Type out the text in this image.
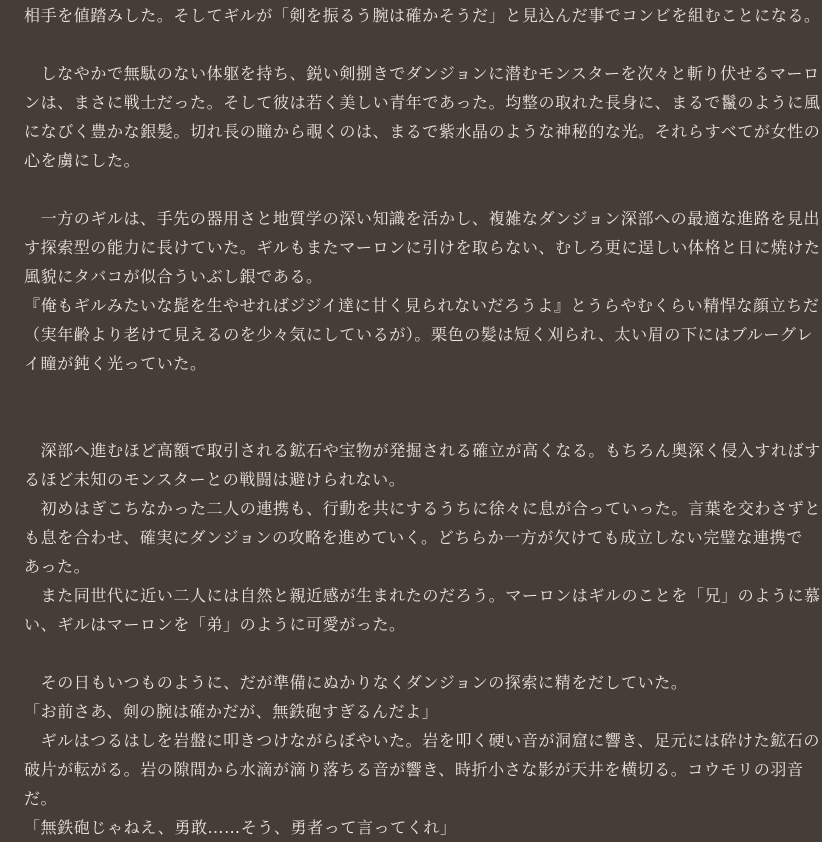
相手を値踏みした。そしてギルが「剣を振るう腕は確かそうだ」と見込んだ事でコンビを組むことになる。
　しなやかで無駄のない体躯を持ち、鋭い剣捌きでダンジョンに潜むモンスターを次々と斬り伏せるマーロ
ンは、まさに戦士だった。そして彼は若く美しい青年であった。均整の取れた長身に、まるで鬣のように風
になびく豊かな銀髪。切れ長の瞳から覗くのは、まるで紫水晶のような神秘的な光。それらすべてが女性の
心を虜にした。
　一方のギルは、手先の器用さと地質学の深い知識を活かし、複雑なダンジョン深部への最適な進路を見出
す探索型の能力に長けていた。ギルもまたマーロンに引けを取らない、むしろ更に逞しい体格と日に焼けた
風貌にタバコが似合ういぶし銀である。
『俺もギルみたいな髭を生やせればジジイ達に甘く見られないだろうよ』とうらやむくらい精悍な顔立ちだ
（実年齢より老けて見えるのを少々気にしているが）。栗色の髪は短く刈られ、太い眉の下にはブルーグレ
イ瞳が鈍く光っていた。
　深部へ進むほど高額で取引される鉱石や宝物が発掘される確立が高くなる。もちろん奥深く侵入すればす
るほど未知のモンスターとの戦闘は避けられない。
　初めはぎこちなかった二人の連携も、行動を共にするうちに徐々に息が合っていった。言葉を交わさずと
も息を合わせ、確実にダンジョンの攻略を進めていく。どちらか一方が欠けても成立しない完璧な連携で
あった。
　また同世代に近い二人には自然と親近感が生まれたのだろう。マーロンはギルのことを「兄」のように慕
い、ギルはマーロンを「弟」のように可愛がった。
　その日もいつものように、だが準備にぬかりなくダンジョンの探索に精をだしていた。
「お前さあ、剣の腕は確かだが、無鉄砲すぎるんだよ」
　ギルはつるはしを岩盤に叩きつけながらぼやいた。岩を叩く硬い音が洞窟に響き、足元には砕けた鉱石の
破片が転がる。岩の隙間から水滴が滴り落ちる音が響き、時折小さな影が天井を横切る。コウモリの羽音
だ。
「無鉄砲じゃねえ、勇敢……そう、勇者って言ってくれ」
